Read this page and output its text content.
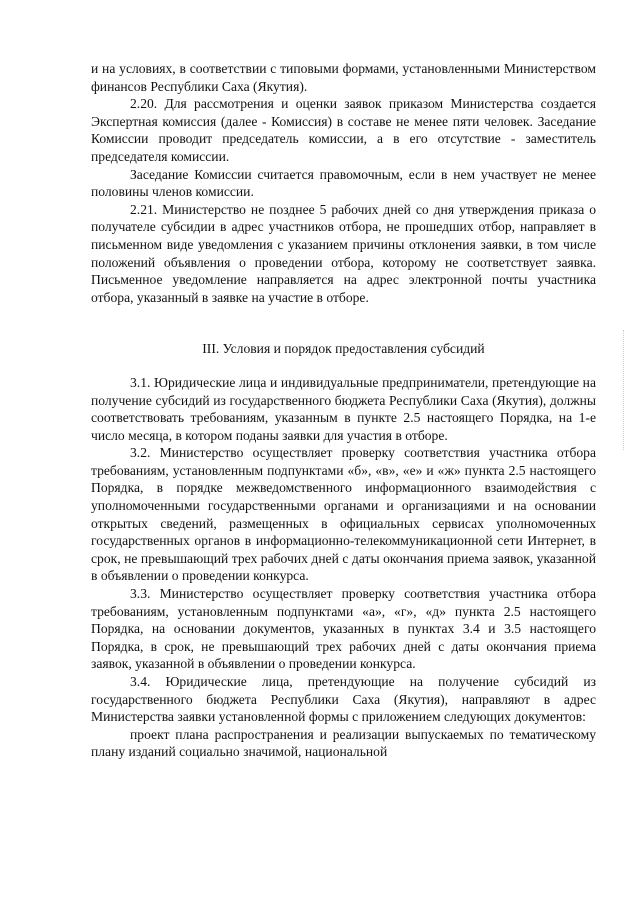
и на условиях, в соответствии с типовыми формами, установленными Министерством финансов Республики Саха (Якутия).

2.20. Для рассмотрения и оценки заявок приказом Министерства создается Экспертная комиссия (далее - Комиссия) в составе не менее пяти человек. Заседание Комиссии проводит председатель комиссии, а в его отсутствие - заместитель председателя комиссии.

Заседание Комиссии считается правомочным, если в нем участвует не менее половины членов комиссии.

2.21. Министерство не позднее 5 рабочих дней со дня утверждения приказа о получателе субсидии в адрес участников отбора, не прошедших отбор, направляет в письменном виде уведомления с указанием причины отклонения заявки, в том числе положений объявления о проведении отбора, которому не соответствует заявка. Письменное уведомление направляется на адрес электронной почты участника отбора, указанный в заявке на участие в отборе.

III. Условия и порядок предоставления субсидий

3.1. Юридические лица и индивидуальные предприниматели, претендующие на получение субсидий из государственного бюджета Республики Саха (Якутия), должны соответствовать требованиям, указанным в пункте 2.5 настоящего Порядка, на 1-е число месяца, в котором поданы заявки для участия в отборе.

3.2. Министерство осуществляет проверку соответствия участника отбора требованиям, установленным подпунктами «б», «в», «е» и «ж» пункта 2.5 настоящего Порядка, в порядке межведомственного информационного взаимодействия с уполномоченными государственными органами и организациями и на основании открытых сведений, размещенных в официальных сервисах уполномоченных государственных органов в информационно-телекоммуникационной сети Интернет, в срок, не превышающий трех рабочих дней с даты окончания приема заявок, указанной в объявлении о проведении конкурса.

3.3. Министерство осуществляет проверку соответствия участника отбора требованиям, установленным подпунктами «а», «г», «д» пункта 2.5 настоящего Порядка, на основании документов, указанных в пунктах 3.4 и 3.5 настоящего Порядка, в срок, не превышающий трех рабочих дней с даты окончания приема заявок, указанной в объявлении о проведении конкурса.

3.4. Юридические лица, претендующие на получение субсидий из государственного бюджета Республики Саха (Якутия), направляют в адрес Министерства заявки установленной формы с приложением следующих документов:

проект плана распространения и реализации выпускаемых по тематическому плану изданий социально значимой, национальной
